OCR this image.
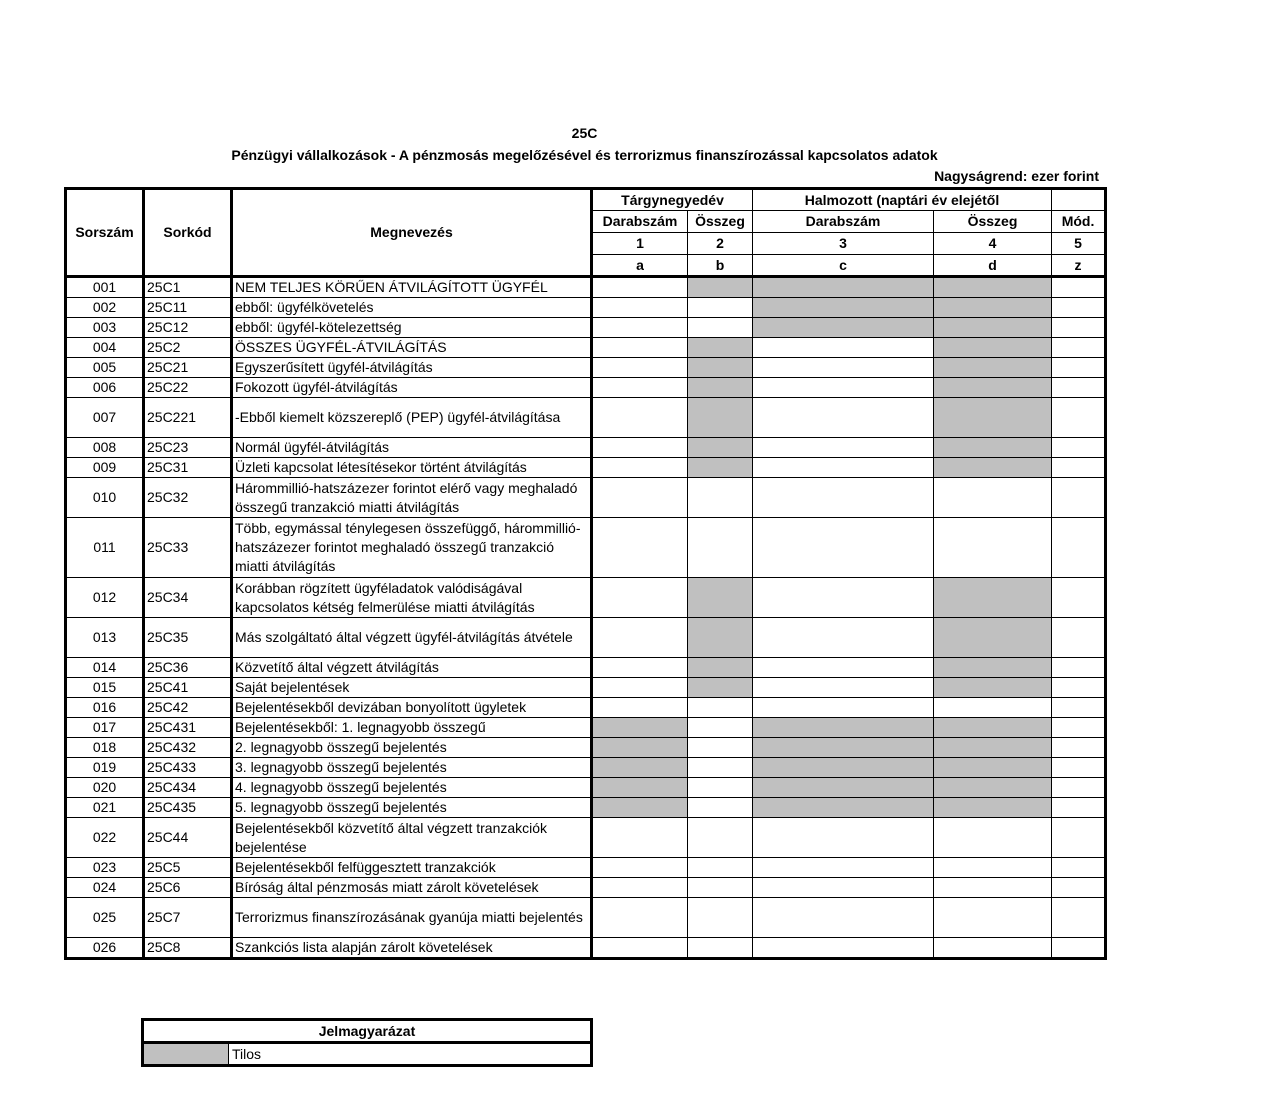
25C
Pénzügyi vállalkozások - A pénzmosás megelőzésével és terrorizmus finanszírozással kapcsolatos adatok
Nagyságrend: ezer forint
Sorszám	Sorkód	Megnevezés	Tárgynegyedév		Halmozott (naptári év elejétől		
			Darabszám	Összeg	Darabszám	Összeg	Mód.
			1	2	3	4	5
			a	b	c	d	z
001	25C1	NEM TELJES KÖRŰEN ÁTVILÁGÍTOTT ÜGYFÉL					
002	25C11	ebből: ügyfélkövetelés					
003	25C12	ebből: ügyfél-kötelezettség					
004	25C2	ÖSSZES ÜGYFÉL-ÁTVILÁGÍTÁS					
005	25C21	Egyszerűsített ügyfél-átvilágítás					
006	25C22	Fokozott ügyfél-átvilágítás					
007	25C221	-Ebből kiemelt közszereplő (PEP) ügyfél-átvilágítása					
008	25C23	Normál ügyfél-átvilágítás					
009	25C31	Üzleti kapcsolat létesítésekor történt átvilágítás					
010	25C32	Hárommillió-hatszázezer forintot elérő vagy meghaladó összegű tranzakció miatti átvilágítás					
011	25C33	Több, egymással ténylegesen összefüggő, hárommillió-hatszázezer forintot meghaladó összegű tranzakció miatti átvilágítás					
012	25C34	Korábban rögzített ügyféladatok valódiságával kapcsolatos kétség felmerülése miatti átvilágítás					
013	25C35	Más szolgáltató által végzett ügyfél-átvilágítás átvétele					
014	25C36	Közvetítő által végzett átvilágítás					
015	25C41	Saját bejelentések					
016	25C42	Bejelentésekből devizában bonyolított ügyletek					
017	25C431	Bejelentésekből: 1. legnagyobb összegű					
018	25C432	2. legnagyobb összegű bejelentés					
019	25C433	3. legnagyobb összegű bejelentés					
020	25C434	4. legnagyobb összegű bejelentés					
021	25C435	5. legnagyobb összegű bejelentés					
022	25C44	Bejelentésekből közvetítő által végzett tranzakciók bejelentése					
023	25C5	Bejelentésekből felfüggesztett tranzakciók					
024	25C6	Bíróság által pénzmosás miatt zárolt követelések					
025	25C7	Terrorizmus finanszírozásának gyanúja miatti bejelentés					
026	25C8	Szankciós lista alapján zárolt követelések					
Jelmagyarázat
	Tilos
